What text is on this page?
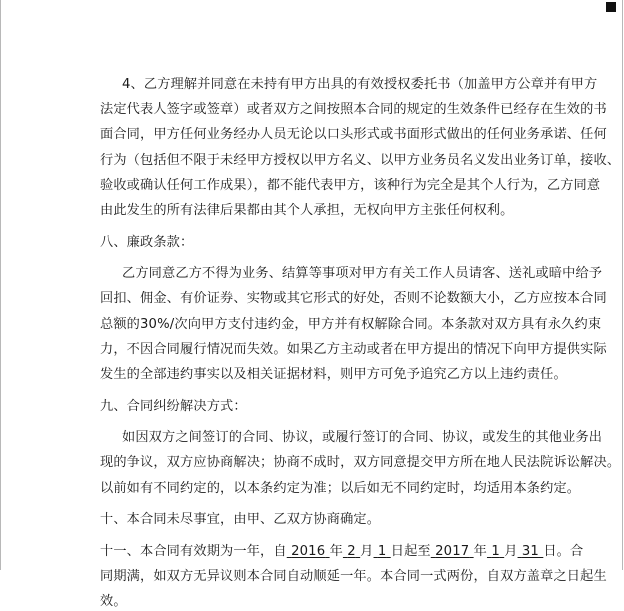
十一、本合同有效期为一年，自 2016 年 2 月 1 日起至 2017 年 1 月 31 日。合
4、乙方理解并同意在未持有甲方出具的有效授权委托书（加盖甲方公章并有甲方
法定代表人签字或签章）或者双方之间按照本合同的规定的生效条件已经存在生效的书
面合同，甲方任何业务经办人员无论以口头形式或书面形式做出的任何业务承诺、任何
行为（包括但不限于未经甲方授权以甲方名义、以甲方业务员名义发出业务订单，接收、
验收或确认任何工作成果），都不能代表甲方，该种行为完全是其个人行为，乙方同意
由此发生的所有法律后果都由其个人承担，无权向甲方主张任何权利。
八、廉政条款：
乙方同意乙方不得为业务、结算等事项对甲方有关工作人员请客、送礼或暗中给予
回扣、佣金、有价证券、实物或其它形式的好处，否则不论数额大小，乙方应按本合同
总额的30%/次向甲方支付违约金，甲方并有权解除合同。本条款对双方具有永久约束
力，不因合同履行情况而失效。如果乙方主动或者在甲方提出的情况下向甲方提供实际
发生的全部违约事实以及相关证据材料，则甲方可免予追究乙方以上违约责任。
九、合同纠纷解决方式：
如因双方之间签订的合同、协议，或履行签订的合同、协议，或发生的其他业务出
现的争议，双方应协商解决；协商不成时，双方同意提交甲方所在地人民法院诉讼解决。
以前如有不同约定的，以本条约定为准；以后如无不同约定时，均适用本条约定。
十、本合同未尽事宜，由甲、乙双方协商确定。
同期满，如双方无异议则本合同自动顺延一年。本合同一式两份，自双方盖章之日起生
效。
